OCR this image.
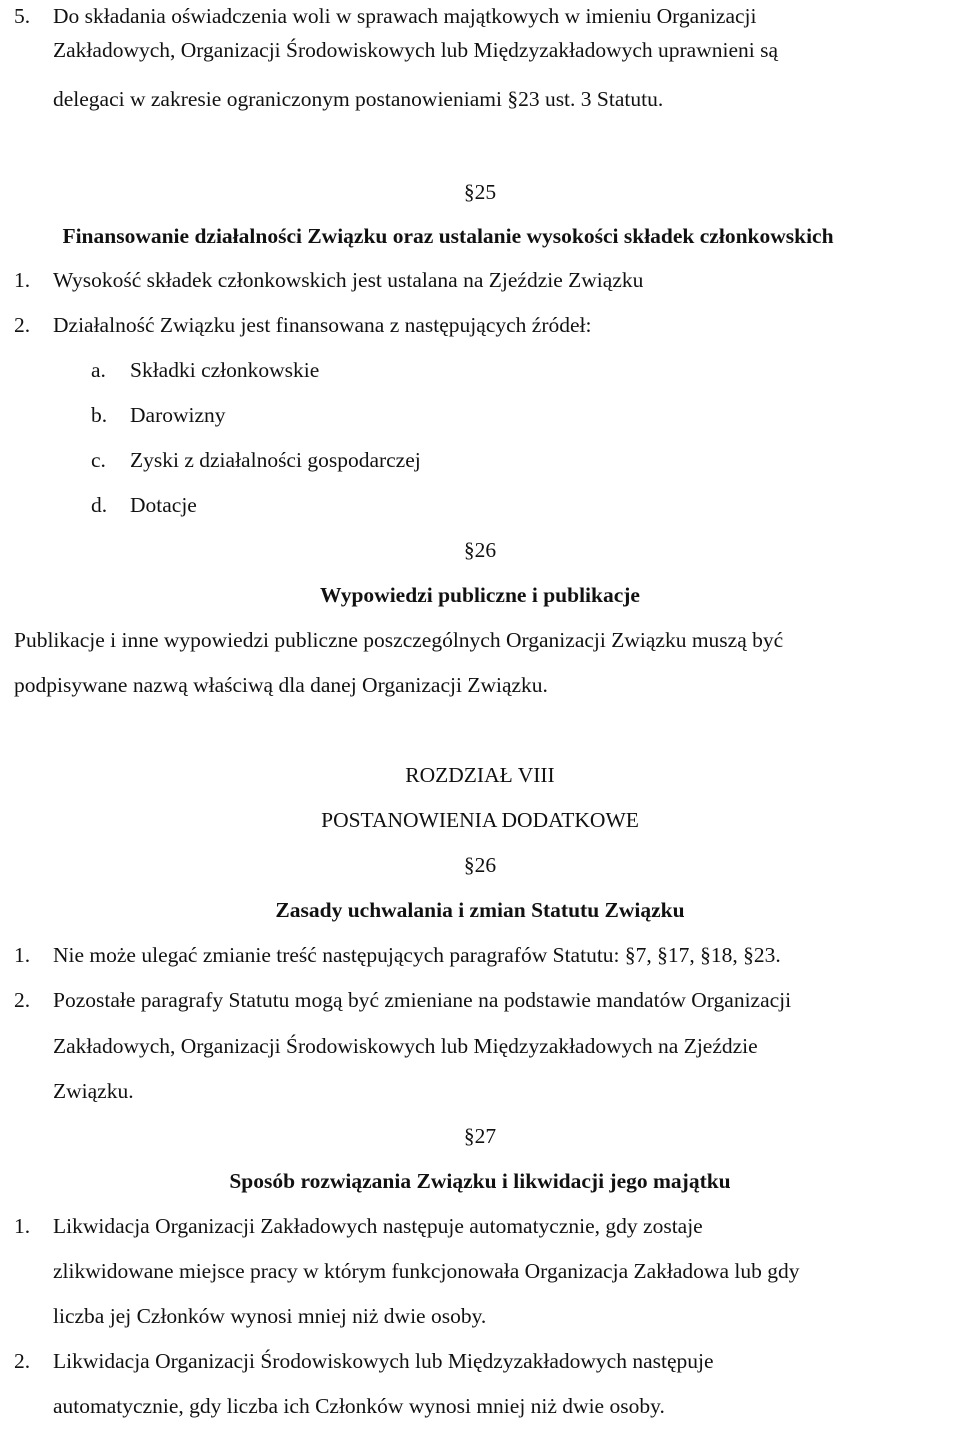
5. Do składania oświadczenia woli w sprawach majątkowych w imieniu Organizacji

Zakładowych, Organizacji Środowiskowych lub Międzyzakładowych uprawnieni są

delegaci w zakresie ograniczonym postanowieniami §23 ust. 3 Statutu.

§25

Finansowanie działalności Związku oraz ustalanie wysokości składek członkowskich

1. Wysokość składek członkowskich jest ustalana na Zjeździe Związku

2. Działalność Związku jest finansowana z następujących źródeł:

a. Składki członkowskie

b. Darowizny

c. Zyski z działalności gospodarczej

d. Dotacje

§26

Wypowiedzi publiczne i publikacje

Publikacje i inne wypowiedzi publiczne poszczególnych Organizacji Związku muszą być

podpisywane nazwą właściwą dla danej Organizacji Związku.

ROZDZIAŁ VIII

POSTANOWIENIA DODATKOWE

§26

Zasady uchwalania i zmian Statutu Związku

1. Nie może ulegać zmianie treść następujących paragrafów Statutu: §7, §17, §18, §23.

2. Pozostałe paragrafy Statutu mogą być zmieniane na podstawie mandatów Organizacji

Zakładowych, Organizacji Środowiskowych lub Międzyzakładowych na Zjeździe

Związku.

§27

Sposób rozwiązania Związku i likwidacji jego majątku

1. Likwidacja Organizacji Zakładowych następuje automatycznie, gdy zostaje

zlikwidowane miejsce pracy w którym funkcjonowała Organizacja Zakładowa lub gdy

liczba jej Członków wynosi mniej niż dwie osoby.

2. Likwidacja Organizacji Środowiskowych lub Międzyzakładowych następuje

automatycznie, gdy liczba ich Członków wynosi mniej niż dwie osoby.
